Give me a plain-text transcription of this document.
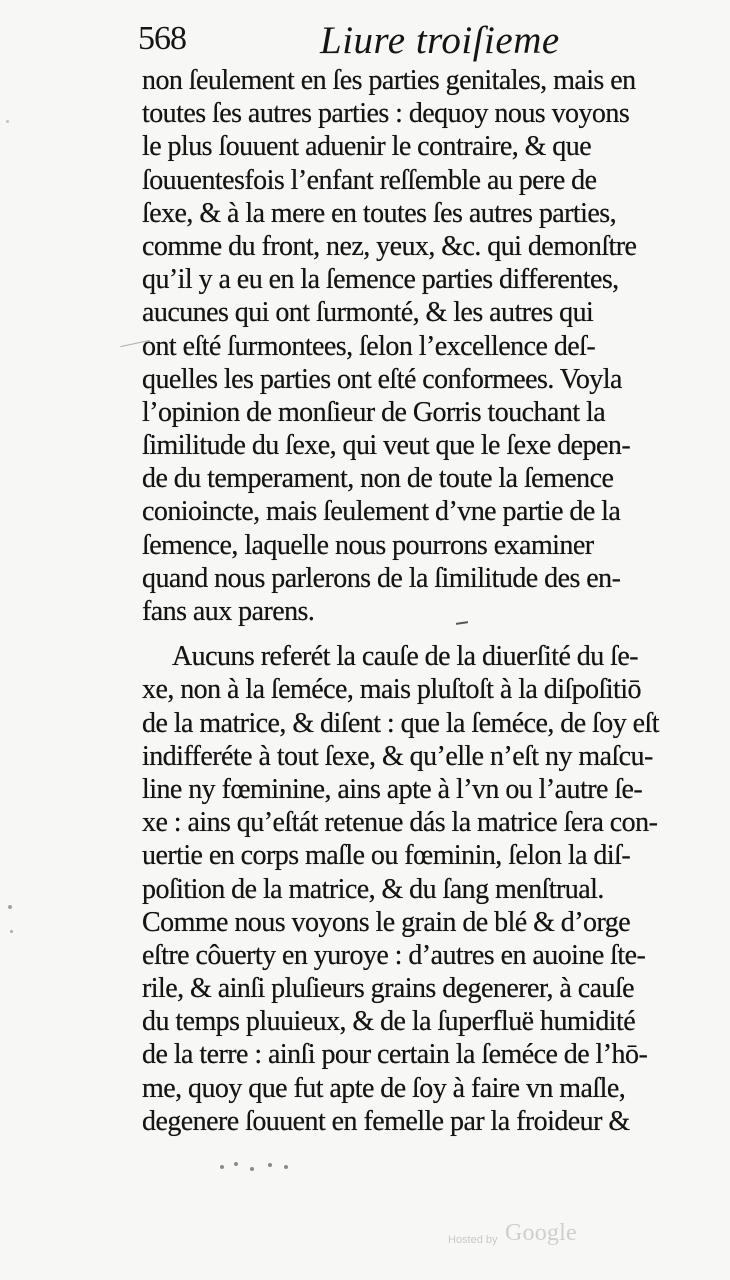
568	Liure troiſieme
non ſeulement en ſes parties genitales, mais en
toutes ſes autres parties : dequoy nous voyons
le plus ſouuent aduenir le contraire, & que
ſouuentesfois l’enfant reſſemble au pere de
ſexe, & à la mere en toutes ſes autres parties,
comme du front, nez, yeux, &c. qui demonſtre
qu’il y a eu en la ſemence parties differentes,
aucunes qui ont ſurmonté, & les autres qui
ont eſté ſurmontees, ſelon l’excellence deſ-
quelles les parties ont eſté conformees. Voyla
l’opinion de monſieur de Gorris touchant la
ſimilitude du ſexe, qui veut que le ſexe depen-
de du temperament, non de toute la ſemence
conioincte, mais ſeulement d’vne partie de la
ſemence, laquelle nous pourrons examiner
quand nous parlerons de la ſimilitude des en-
fans aux parens.
Aucuns referét la cauſe de la diuerſité du ſe-
xe, non à la ſeméce, mais pluſtoſt à la diſpoſitiō
de la matrice, & diſent : que la ſeméce, de ſoy eſt
indifferéte à tout ſexe, & qu’elle n’eſt ny maſcu-
line ny fœminine, ains apte à l’vn ou l’autre ſe-
xe : ains qu’eſtát retenue dás la matrice ſera con-
uertie en corps maſle ou fœminin, ſelon la diſ-
poſition de la matrice, & du ſang menſtrual.
Comme nous voyons le grain de blé & d’orge
eſtre côuerty en yuroye : d’autres en auoine ſte-
rile, & ainſi pluſieurs grains degenerer, à cauſe
du temps pluuieux, & de la ſuperfluë humidité
de la terre : ainſi pour certain la ſeméce de l’hō-
me, quoy que fut apte de ſoy à faire vn maſle,
degenere ſouuent en femelle par la froideur &
Hosted by Google
